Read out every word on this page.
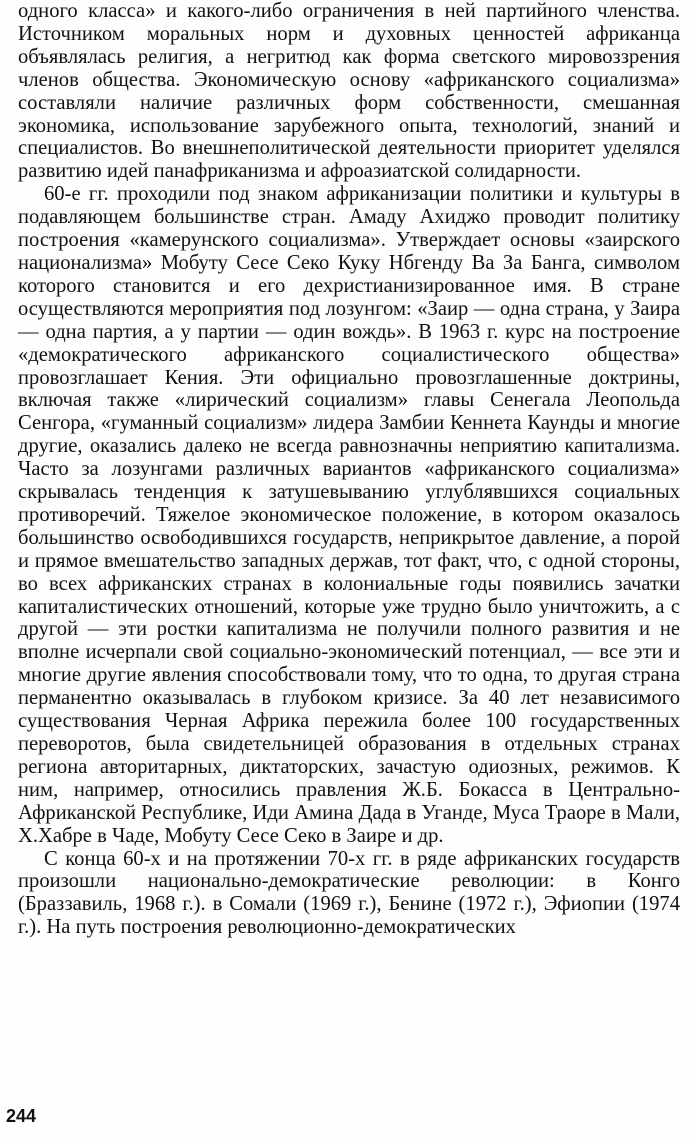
одного класса» и какого-либо ограничения в ней партийного членства. Источником моральных норм и духовных ценностей африканца объявлялась религия, а негритюд как форма светского мировоззрения членов общества. Экономическую основу «африканского социализма» составляли наличие различных форм собственности, смешанная экономика, использование зарубежного опыта, технологий, знаний и специалистов. Во внешнеполитической деятельности приоритет уделялся развитию идей панафриканизма и афроазиатской солидарности.

60-е гг. проходили под знаком африканизации политики и культуры в подавляющем большинстве стран. Амаду Ахиджо проводит политику построения «камерунского социализма». Утверждает основы «заирского национализма» Мобуту Сесе Секо Куку Нбгенду Ва За Банга, символом которого становится и его дехристианизированное имя. В стране осуществляются мероприятия под лозунгом: «Заир — одна страна, у Заира — одна партия, а у партии — один вождь». В 1963 г. курс на построение «демократического африканского социалистического общества» провозглашает Кения. Эти официально провозглашенные доктрины, включая также «лирический социализм» главы Сенегала Леопольда Сенгора, «гуманный социализм» лидера Замбии Кеннета Каунды и многие другие, оказались далеко не всегда равнозначны неприятию капитализма. Часто за лозунгами различных вариантов «африканского социализма» скрывалась тенденция к затушевыванию углублявшихся социальных противоречий. Тяжелое экономическое положение, в котором оказалось большинство освободившихся государств, неприкрытое давление, а порой и прямое вмешательство западных держав, тот факт, что, с одной стороны, во всех африканских странах в колониальные годы появились зачатки капиталистических отношений, которые уже трудно было уничтожить, а с другой — эти ростки капитализма не получили полного развития и не вполне исчерпали свой социально-экономический потенциал, — все эти и многие другие явления способствовали тому, что то одна, то другая страна перманентно оказывалась в глубоком кризисе. За 40 лет независимого существования Черная Африка пережила более 100 государственных переворотов, была свидетельницей образования в отдельных странах региона авторитарных, диктаторских, зачастую одиозных, режимов. К ним, например, относились правления Ж.Б. Бокасса в Центрально-Африканской Республике, Иди Амина Дада в Уганде, Муса Траоре в Мали, Х.Хабре в Чаде, Мобуту Сесе Секо в Заире и др.

С конца 60-х и на протяжении 70-х гг. в ряде африканских государств произошли национально-демократические революции: в Конго (Браззавиль, 1968 г.). в Сомали (1969 г.), Бенине (1972 г.), Эфиопии (1974 г.). На путь построения революционно-демократических

244
